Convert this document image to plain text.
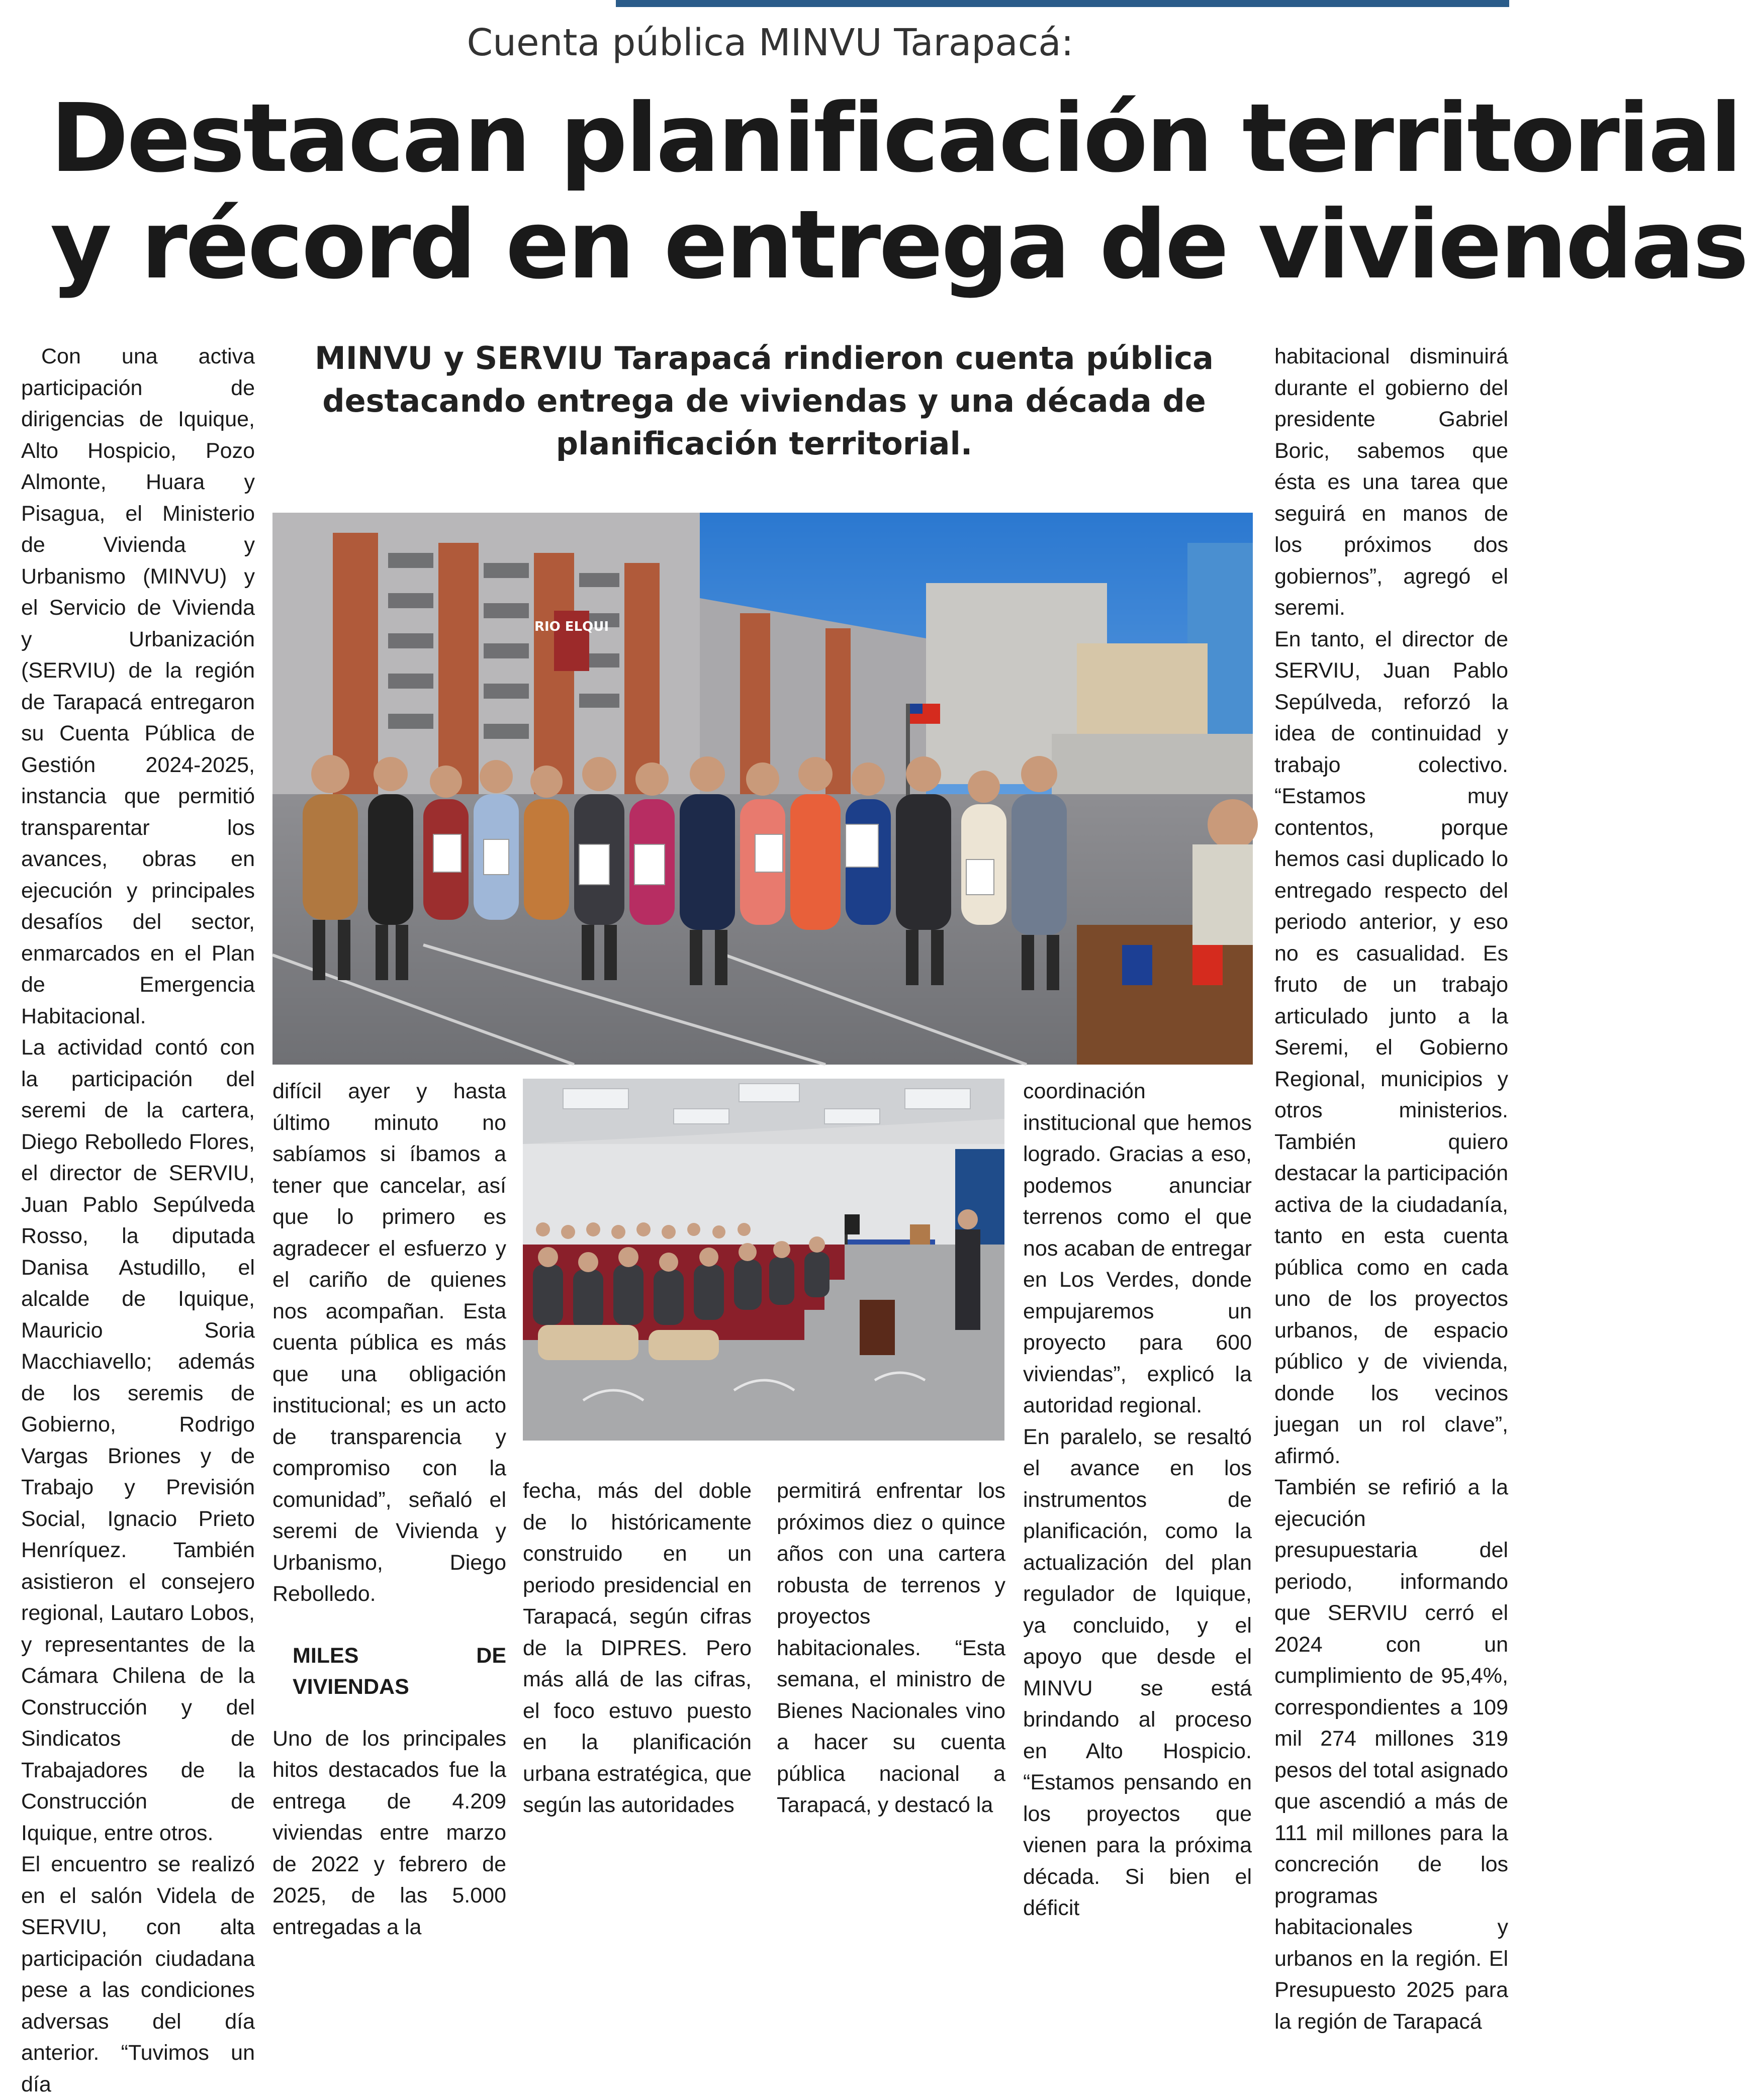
Cuenta pública MINVU Tarapacá:
Destacan planificación territorial
y récord en entrega de viviendas
MINVU y SERVIU Tarapacá rindieron cuenta pública destacando entrega de viviendas y una década de planificación territorial.

Con una activa participación de dirigencias de Iquique, Alto Hospicio, Pozo Almonte, Huara y Pisagua, el Ministerio de Vivienda y Urbanismo (MINVU) y el Servicio de Vivienda y Urbanización (SERVIU) de la región de Tarapacá entregaron su Cuenta Pública de Gestión 2024-2025, instancia que permitió transparentar los avances, obras en ejecución y principales desafíos del sector, enmarcados en el Plan de Emergencia Habitacional.

La actividad contó con la participación del seremi de la cartera, Diego Rebolledo Flores, el director de SERVIU, Juan Pablo Sepúlveda Rosso, la diputada Danisa Astudillo, el alcalde de Iquique, Mauricio Soria Macchiavello; además de los seremis de Gobierno, Rodrigo Vargas Briones y de Trabajo y Previsión Social, Ignacio Prieto Henríquez. También asistieron el consejero regional, Lautaro Lobos, y representantes de la Cámara Chilena de la Construcción y del Sindicatos de Trabajadores de la Construcción de Iquique, entre otros.

El encuentro se realizó en el salón Videla de SERVIU, con alta participación ciudadana pese a las condiciones adversas del día anterior. “Tuvimos un día

RIO ELQUI

difícil ayer y hasta último minuto no sabíamos si íbamos a tener que cancelar, así que lo primero es agradecer el esfuerzo y el cariño de quienes nos acompañan. Esta cuenta pública es más que una obligación institucional; es un acto de transparencia y compromiso con la comunidad”, señaló el seremi de Vivienda y Urbanismo, Diego Rebolledo.

MILES DE VIVIENDAS

Uno de los principales hitos destacados fue la entrega de 4.209 viviendas entre marzo de 2022 y febrero de 2025, de las 5.000 entregadas a la

fecha, más del doble de lo históricamente construido en un periodo presidencial en Tarapacá, según cifras de la DIPRES. Pero más allá de las cifras, el foco estuvo puesto en la planificación urbana estratégica, que según las autoridades

permitirá enfrentar los próximos diez o quince años con una cartera robusta de terrenos y proyectos habitacionales. “Esta semana, el ministro de Bienes Nacionales vino a hacer su cuenta pública nacional a Tarapacá, y destacó la

coordinación institucional que hemos logrado. Gracias a eso, podemos anunciar terrenos como el que nos acaban de entregar en Los Verdes, donde empujaremos un proyecto para 600 viviendas”, explicó la autoridad regional.

En paralelo, se resaltó el avance en los instrumentos de planificación, como la actualización del plan regulador de Iquique, ya concluido, y el apoyo que desde el MINVU se está brindando al proceso en Alto Hospicio. “Estamos pensando en los proyectos que vienen para la próxima década. Si bien el déficit

habitacional disminuirá durante el gobierno del presidente Gabriel Boric, sabemos que ésta es una tarea que seguirá en manos de los próximos dos gobiernos”, agregó el seremi.

En tanto, el director de SERVIU, Juan Pablo Sepúlveda, reforzó la idea de continuidad y trabajo colectivo. “Estamos muy contentos, porque hemos casi duplicado lo entregado respecto del periodo anterior, y eso no es casualidad. Es fruto de un trabajo articulado junto a la Seremi, el Gobierno Regional, municipios y otros ministerios. También quiero destacar la participación activa de la ciudadanía, tanto en esta cuenta pública como en cada uno de los proyectos urbanos, de espacio público y de vivienda, donde los vecinos juegan un rol clave”, afirmó.

También se refirió a la ejecución presupuestaria del periodo, informando que SERVIU cerró el 2024 con un cumplimiento de 95,4%, correspondientes a 109 mil 274 millones 319 pesos del total asignado que ascendió a más de 111 mil millones para la concreción de los programas habitacionales y urbanos en la región. El Presupuesto 2025 para la región de Tarapacá
